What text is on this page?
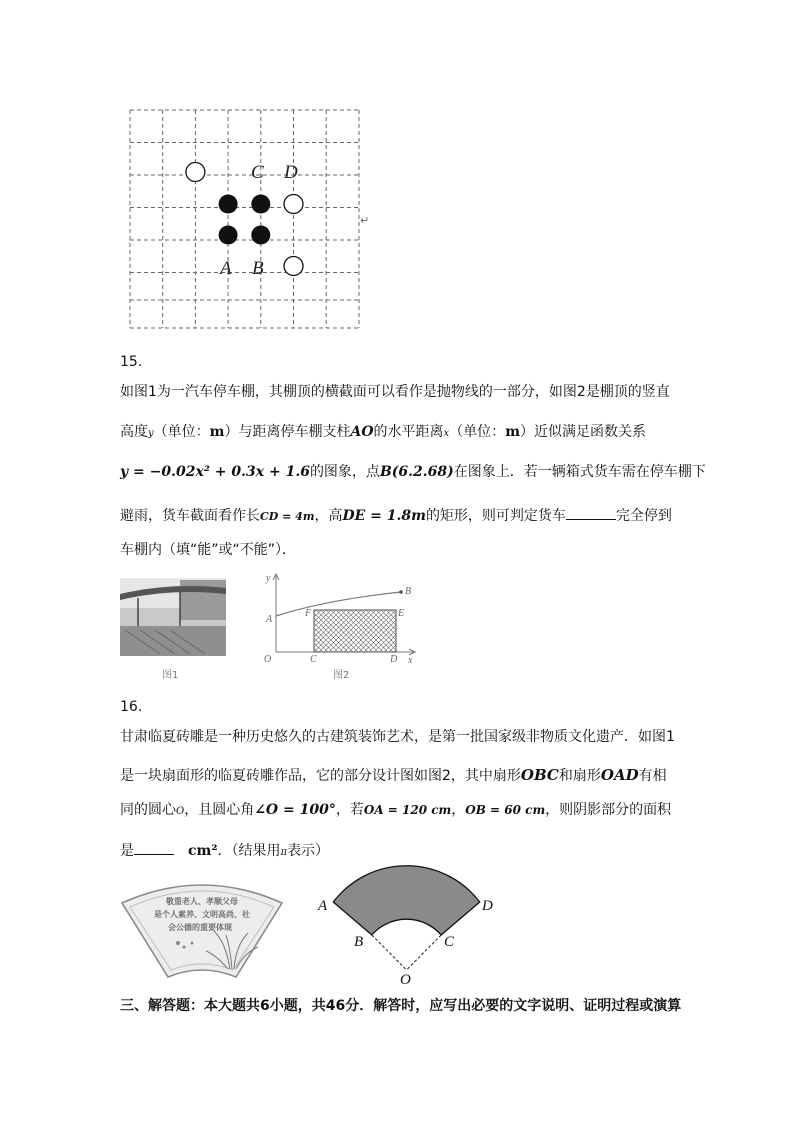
C D
A B
↵
15.
如图1为一汽车停车棚，其棚顶的横截面可以看作是抛物线的一部分，如图2是棚顶的竖直
高度y（单位：m）与距离停车棚支柱AO的水平距离x（单位：m）近似满足函数关系
y = −0.02x² + 0.3x + 1.6的图象，点B(6.2.68)在图象上．若一辆箱式货车需在停车棚下
避雨，货车截面看作长CD = 4m，高DE = 1.8m的矩形，则可判定货车	完全停到
车棚内（填“能”或“不能”）．
图1
y
x
B
A
F	E
O	C	D
图2
16.
甘肃临夏砖雕是一种历史悠久的古建筑装饰艺术，是第一批国家级非物质文化遗产．如图1
是一块扇面形的临夏砖雕作品，它的部分设计图如图2，其中扇形OBC和扇形OAD有相
同的圆心O，且圆心角∠O = 100°，若OA = 120 cm，OB = 60 cm，则阴影部分的面积
是	cm²．（结果用π表示）
敬重老人、孝顺父母
是个人素养、文明高尚、社
会公德的重要体现
A	D
B	C
O
三、解答题：本大题共6小题，共46分．解答时，应写出必要的文字说明、证明过程或演算
